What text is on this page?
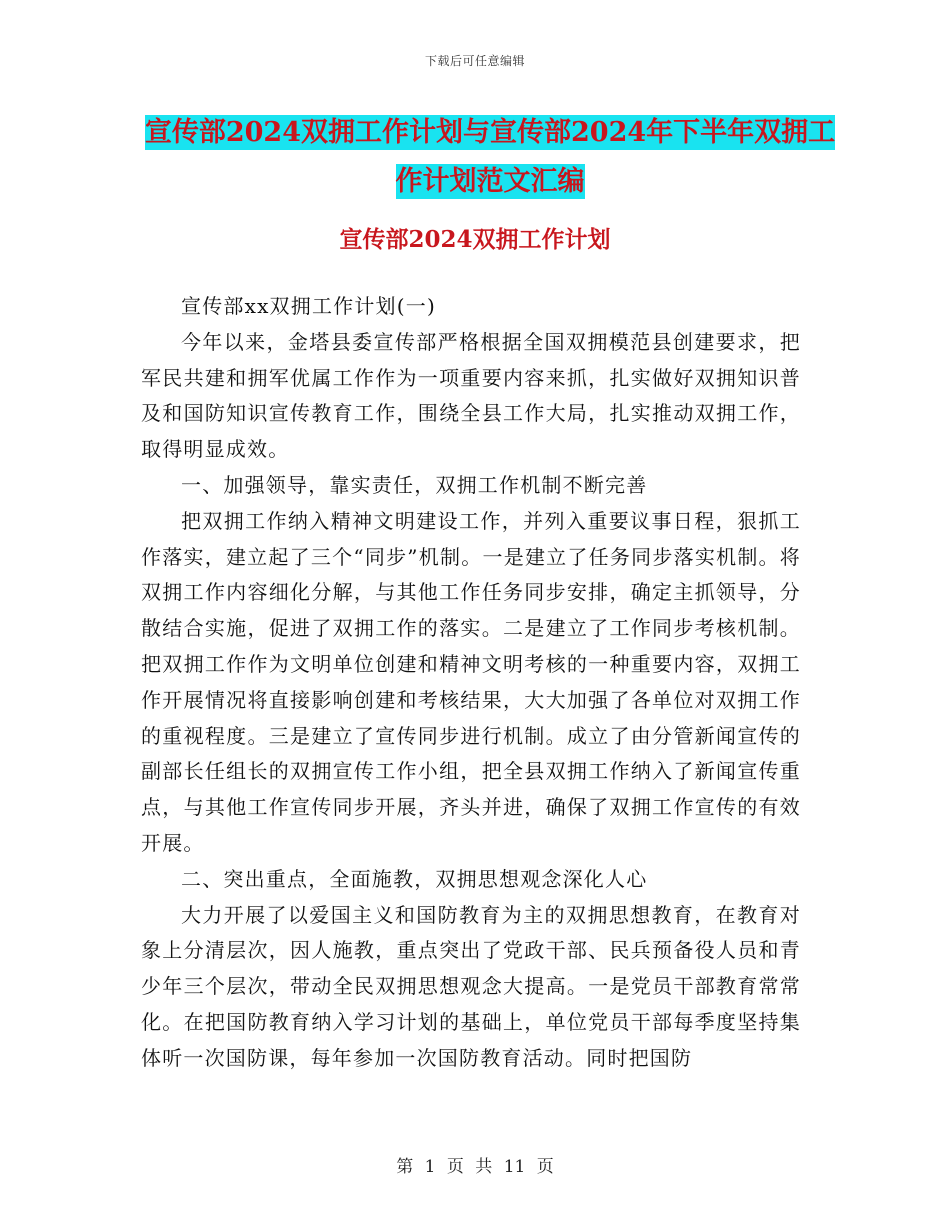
下载后可任意编辑
宣传部2024双拥工作计划与宣传部2024年下半年双拥工作计划范文汇编
宣传部2024双拥工作计划

宣传部xx双拥工作计划(一)

今年以来，金塔县委宣传部严格根据全国双拥模范县创建要求，把军民共建和拥军优属工作作为一项重要内容来抓，扎实做好双拥知识普及和国防知识宣传教育工作，围绕全县工作大局，扎实推动双拥工作，取得明显成效。

一、加强领导，靠实责任，双拥工作机制不断完善

把双拥工作纳入精神文明建设工作，并列入重要议事日程，狠抓工作落实，建立起了三个“同步”机制。一是建立了任务同步落实机制。将双拥工作内容细化分解，与其他工作任务同步安排，确定主抓领导，分散结合实施，促进了双拥工作的落实。二是建立了工作同步考核机制。把双拥工作作为文明单位创建和精神文明考核的一种重要内容，双拥工作开展情况将直接影响创建和考核结果，大大加强了各单位对双拥工作的重视程度。三是建立了宣传同步进行机制。成立了由分管新闻宣传的副部长任组长的双拥宣传工作小组，把全县双拥工作纳入了新闻宣传重点，与其他工作宣传同步开展，齐头并进，确保了双拥工作宣传的有效开展。

二、突出重点，全面施教，双拥思想观念深化人心

大力开展了以爱国主义和国防教育为主的双拥思想教育，在教育对象上分清层次，因人施教，重点突出了党政干部、民兵预备役人员和青少年三个层次，带动全民双拥思想观念大提高。一是党员干部教育常常化。在把国防教育纳入学习计划的基础上，单位党员干部每季度坚持集体听一次国防课，每年参加一次国防教育活动。同时把国防

第 1 页 共 11 页
